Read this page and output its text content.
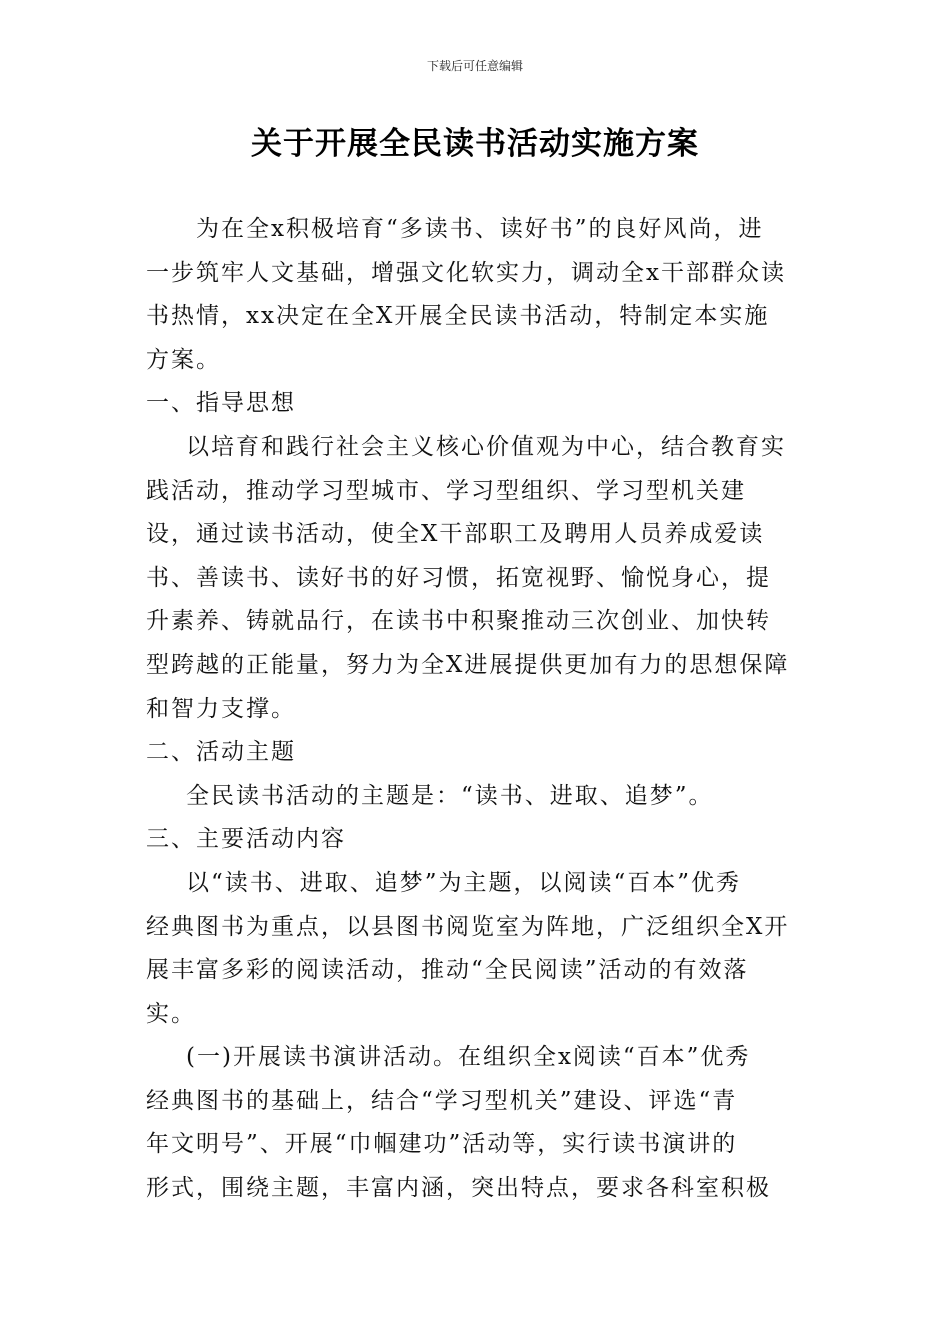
下载后可任意编辑
关于开展全民读书活动实施方案
为在全x积极培育“多读书、读好书”的良好风尚，进
一步筑牢人文基础，增强文化软实力，调动全x干部群众读
书热情，xx决定在全X开展全民读书活动，特制定本实施
方案。
一、指导思想
以培育和践行社会主义核心价值观为中心，结合教育实
践活动，推动学习型城市、学习型组织、学习型机关建
设，通过读书活动，使全X干部职工及聘用人员养成爱读
书、善读书、读好书的好习惯，拓宽视野、愉悦身心，提
升素养、铸就品行，在读书中积聚推动三次创业、加快转
型跨越的正能量，努力为全X进展提供更加有力的思想保障
和智力支撑。
二、活动主题
全民读书活动的主题是：“读书、进取、追梦”。
三、主要活动内容
以“读书、进取、追梦”为主题，以阅读“百本”优秀
经典图书为重点，以县图书阅览室为阵地，广泛组织全X开
展丰富多彩的阅读活动，推动“全民阅读”活动的有效落
实。
(一)开展读书演讲活动。在组织全x阅读“百本”优秀
经典图书的基础上，结合“学习型机关”建设、评选“青
年文明号”、开展“巾帼建功”活动等，实行读书演讲的
形式，围绕主题，丰富内涵，突出特点，要求各科室积极
